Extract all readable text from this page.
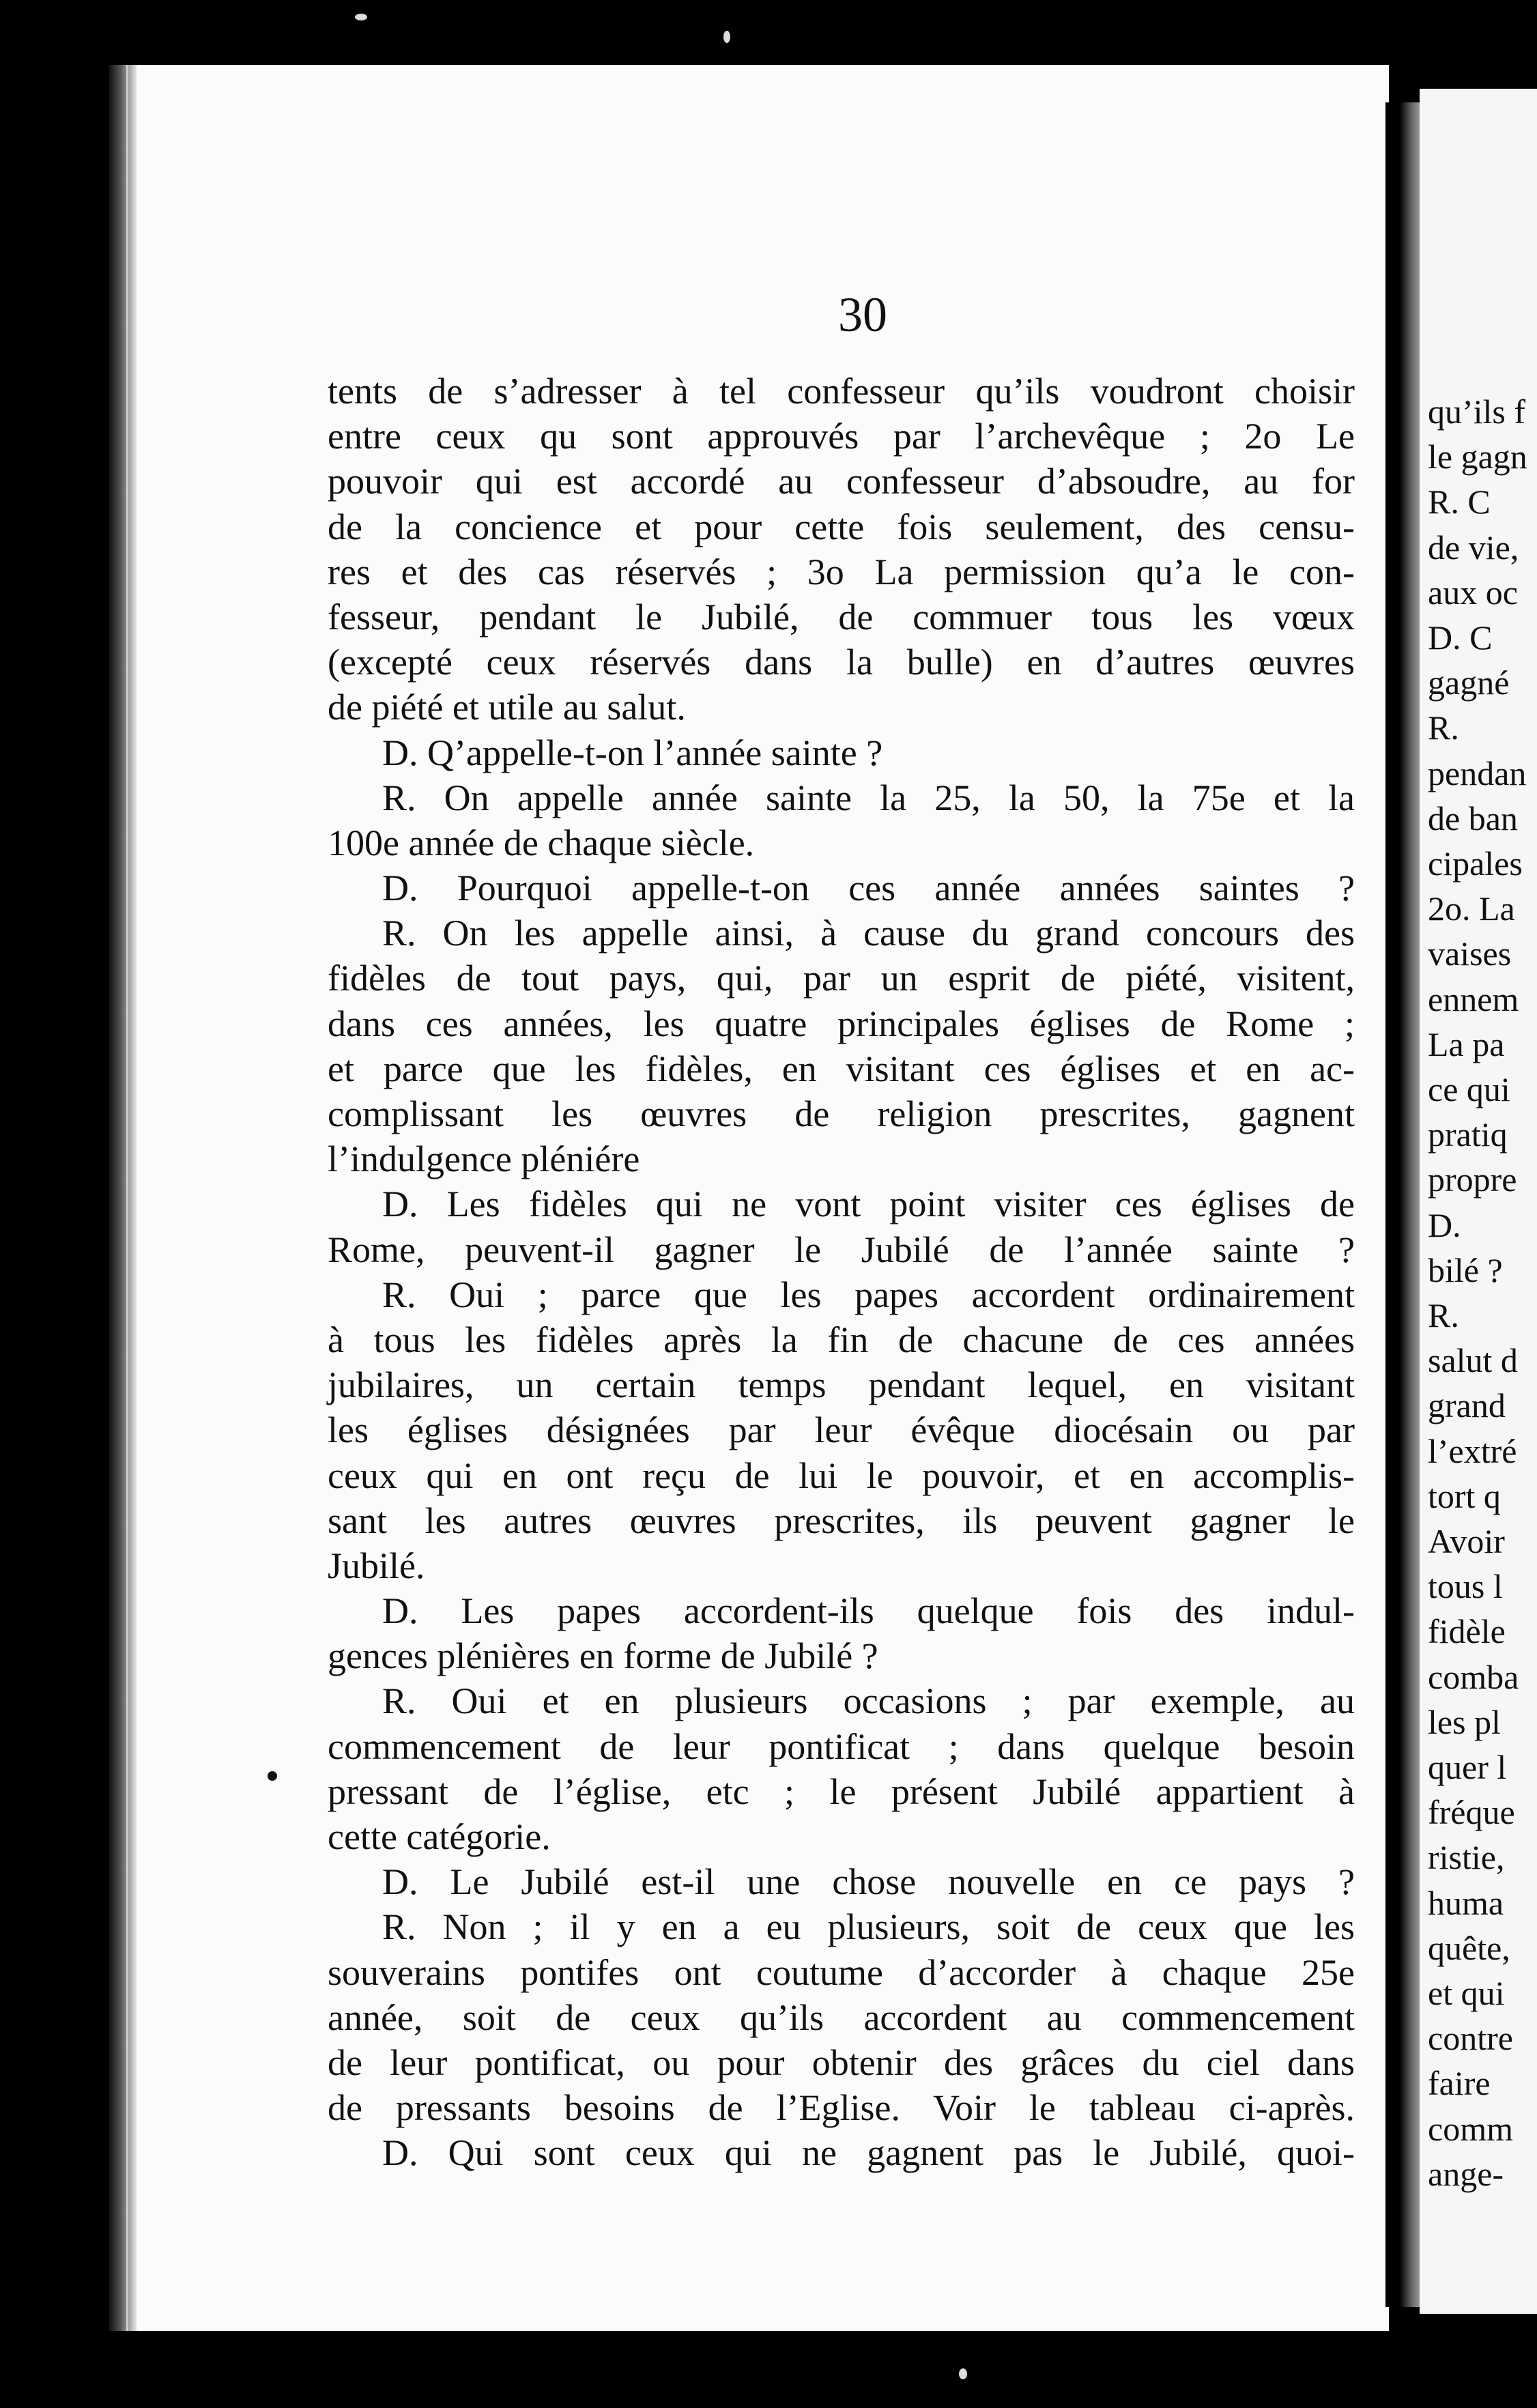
qu’ils f
le gagn
R. C
de vie,
aux oc
D. C
gagné
R.
pendan
de ban
cipales
2o. La
vaises
ennem
La pa
ce qui
pratiq
propre
D.
bilé ?
R.
salut d
grand
l’extré
tort q
Avoir
tous l
fidèle
comba
les pl
quer l
fréque
ristie,
huma
quête,
et qui
contre
faire
comm
ange-
30
tents de s’adresser à tel confesseur qu’ils voudront choisir
entre ceux qu sont approuvés par l’archevêque ; 2o Le
pouvoir qui est accordé au confesseur d’absoudre, au for
de la concience et pour cette fois seulement, des censu-
res et des cas réservés ; 3o La permission qu’a le con-
fesseur, pendant le Jubilé, de commuer tous les vœux
(excepté ceux réservés dans la bulle) en d’autres œuvres
de piété et utile au salut.
D. Q’appelle-t-on l’année sainte ?
R. On appelle année sainte la 25, la 50, la 75e et la
100e année de chaque siècle.
D. Pourquoi appelle-t-on ces année années saintes ?
R. On les appelle ainsi, à cause du grand concours des
fidèles de tout pays, qui, par un esprit de piété, visitent,
dans ces années, les quatre principales églises de Rome ;
et parce que les fidèles, en visitant ces églises et en ac-
complissant les œuvres de religion prescrites, gagnent
l’indulgence pléniére
D. Les fidèles qui ne vont point visiter ces églises de
Rome, peuvent-il gagner le Jubilé de l’année sainte ?
R. Oui ; parce que les papes accordent ordinairement
à tous les fidèles après la fin de chacune de ces années
jubilaires, un certain temps pendant lequel, en visitant
les églises désignées par leur évêque diocésain ou par
ceux qui en ont reçu de lui le pouvoir, et en accomplis-
sant les autres œuvres prescrites, ils peuvent gagner le
Jubilé.
D. Les papes accordent-ils quelque fois des indul-
gences plénières en forme de Jubilé ?
R. Oui et en plusieurs occasions ; par exemple, au
commencement de leur pontificat ; dans quelque besoin
pressant de l’église, etc ; le présent Jubilé appartient à
cette catégorie.
D. Le Jubilé est-il une chose nouvelle en ce pays ?
R. Non ; il y en a eu plusieurs, soit de ceux que les
souverains pontifes ont coutume d’accorder à chaque 25e
année, soit de ceux qu’ils accordent au commencement
de leur pontificat, ou pour obtenir des grâces du ciel dans
de pressants besoins de l’Eglise. Voir le tableau ci-après.
D. Qui sont ceux qui ne gagnent pas le Jubilé, quoi-
